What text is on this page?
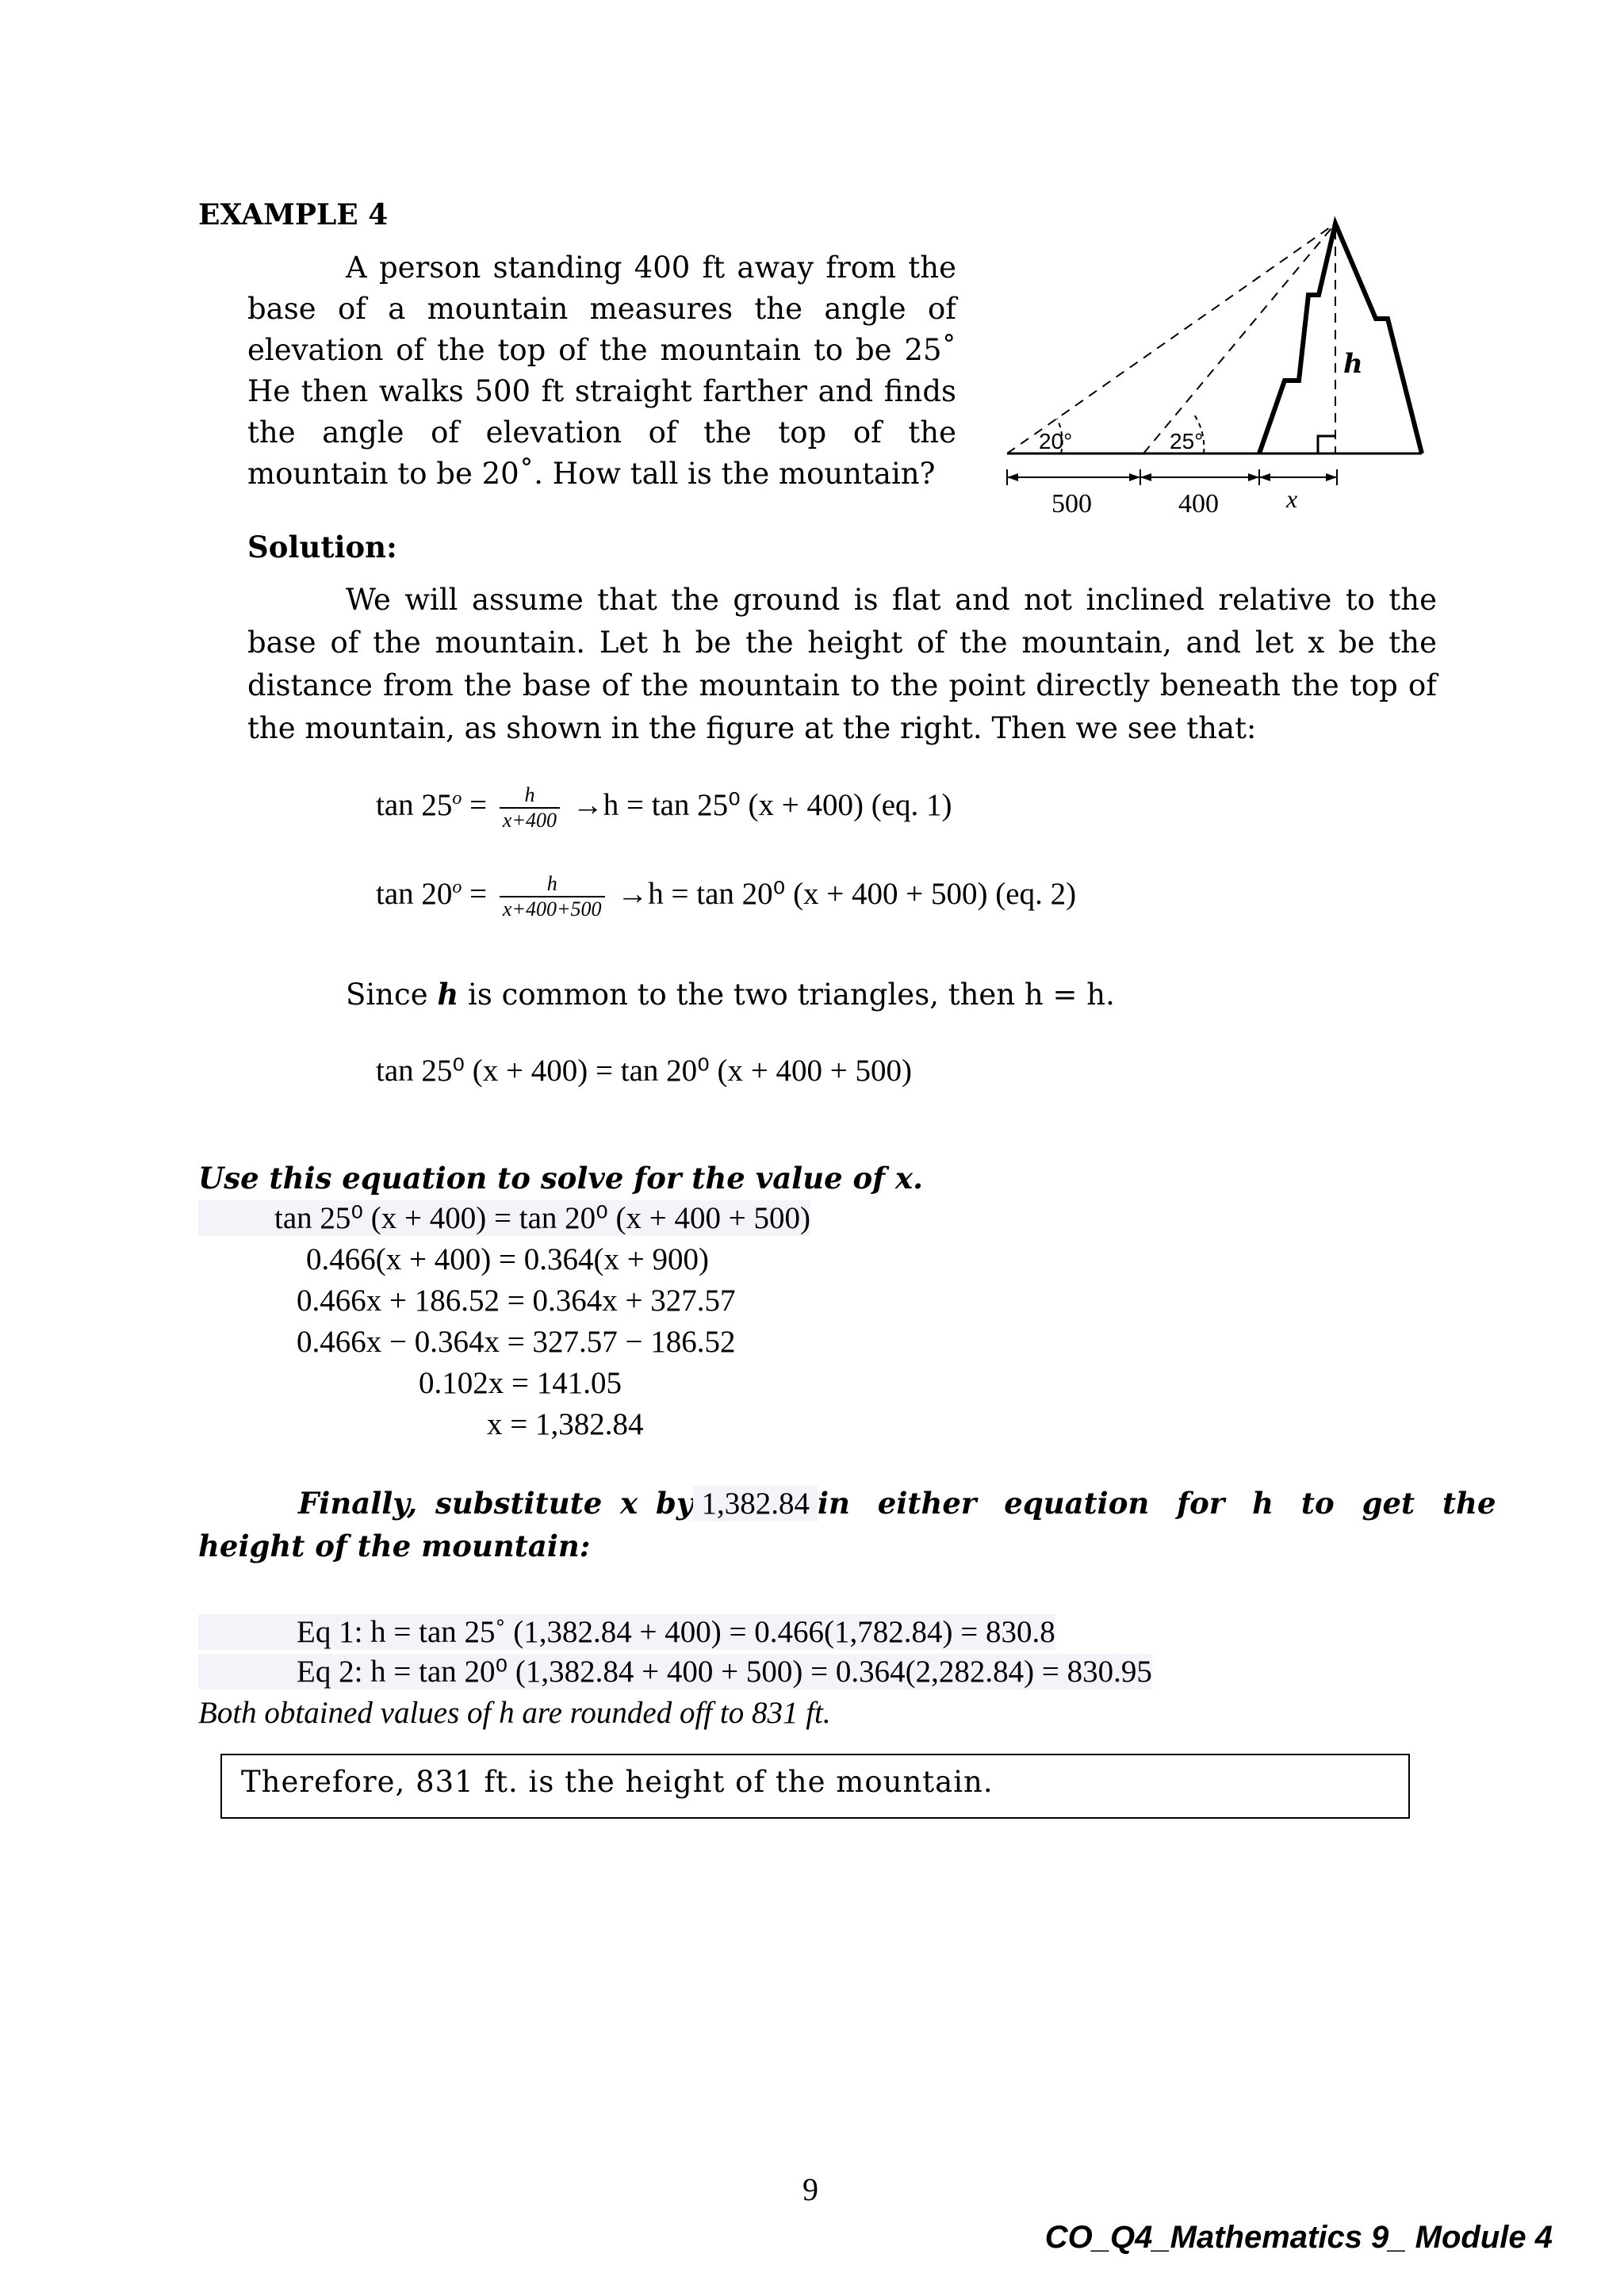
EXAMPLE 4

A person standing 400 ft away from the

base of a mountain measures the angle of

elevation of the top of the mountain to be 25˚

He then walks 500 ft straight farther and finds

the angle of elevation of the top of the

mountain to be 20˚. How tall is the mountain?

20°	25°
h
500	400	x
Solution:

We will assume that the ground is flat and not inclined relative to the

base of the mountain. Let h be the height of the mountain, and let x be the

distance from the base of the mountain to the point directly beneath the top of

the mountain, as shown in the figure at the right. Then we see that:

$\tan 25^o = \frac{h}{x+400} \to h = \tan 25^0$ (x + 400) (eq. 1)
$\tan 20^o = \frac{h}{x+400+500} \to h = \tan 20^0$ (x + 400 + 500) (eq. 2)
Since h is common to the two triangles, then h = h.
tan 25⁰ (x + 400) = tan 20⁰ (x + 400 + 500)
Use this equation to solve for the value of x.
tan 25⁰ (x + 400) = tan 20⁰ (x + 400 + 500)
0.466(x + 400) = 0.364(x + 900)
0.466x + 186.52 = 0.364x + 327.57
0.466x − 0.364x = 327.57 − 186.52
0.102x = 141.05
x = 1,382.84
Finally, substitute x by 1,382.84 in either equation for h to get the
height of the mountain:
Eq 1: h = tan 25˚ (1,382.84 + 400) = 0.466(1,782.84) = 830.8
Eq 2: h = tan 20⁰ (1,382.84 + 400 + 500) = 0.364(2,282.84) = 830.95
Both obtained values of h are rounded off to 831 ft.
Therefore, 831 ft. is the height of the mountain.
9
CO_Q4_Mathematics 9_ Module 4
